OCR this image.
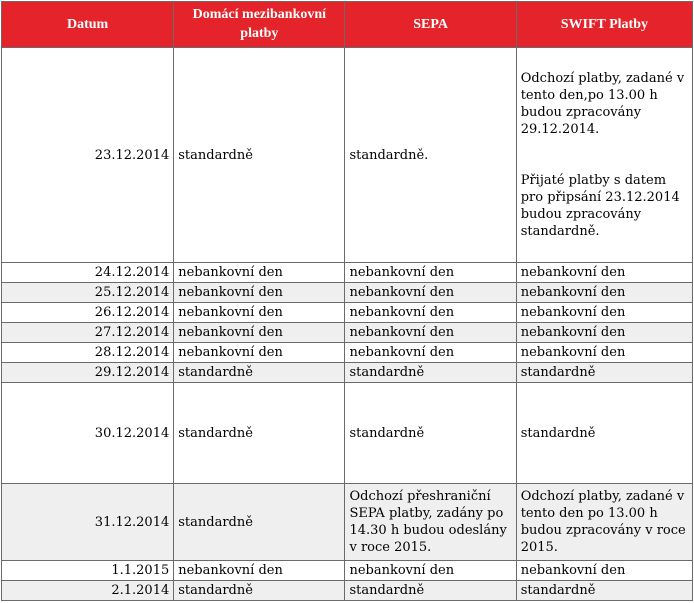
Datum	Domácí mezibankovní platby	SEPA	SWIFT Platby
23.12.2014	standardně	standardně.	Odchozí platby, zadané v tento den,po 13.00 h budou zpracovány 29.12.2014.
Přijaté platby s datem pro připsání 23.12.2014 budou zpracovány standardně.

24.12.2014	nebankovní den	nebankovní den	nebankovní den
25.12.2014	nebankovní den	nebankovní den	nebankovní den
26.12.2014	nebankovní den	nebankovní den	nebankovní den
27.12.2014	nebankovní den	nebankovní den	nebankovní den
28.12.2014	nebankovní den	nebankovní den	nebankovní den
29.12.2014	standardně	standardně	standardně
30.12.2014	standardně	standardně	standardně
31.12.2014	standardně	Odchozí přeshraniční SEPA platby, zadány po 14.30 h budou odeslány v roce 2015.	Odchozí platby, zadané v tento den po 13.00 h budou zpracovány v roce 2015.
1.1.2015	nebankovní den	nebankovní den	nebankovní den
2.1.2014	standardně	standardně	standardně
